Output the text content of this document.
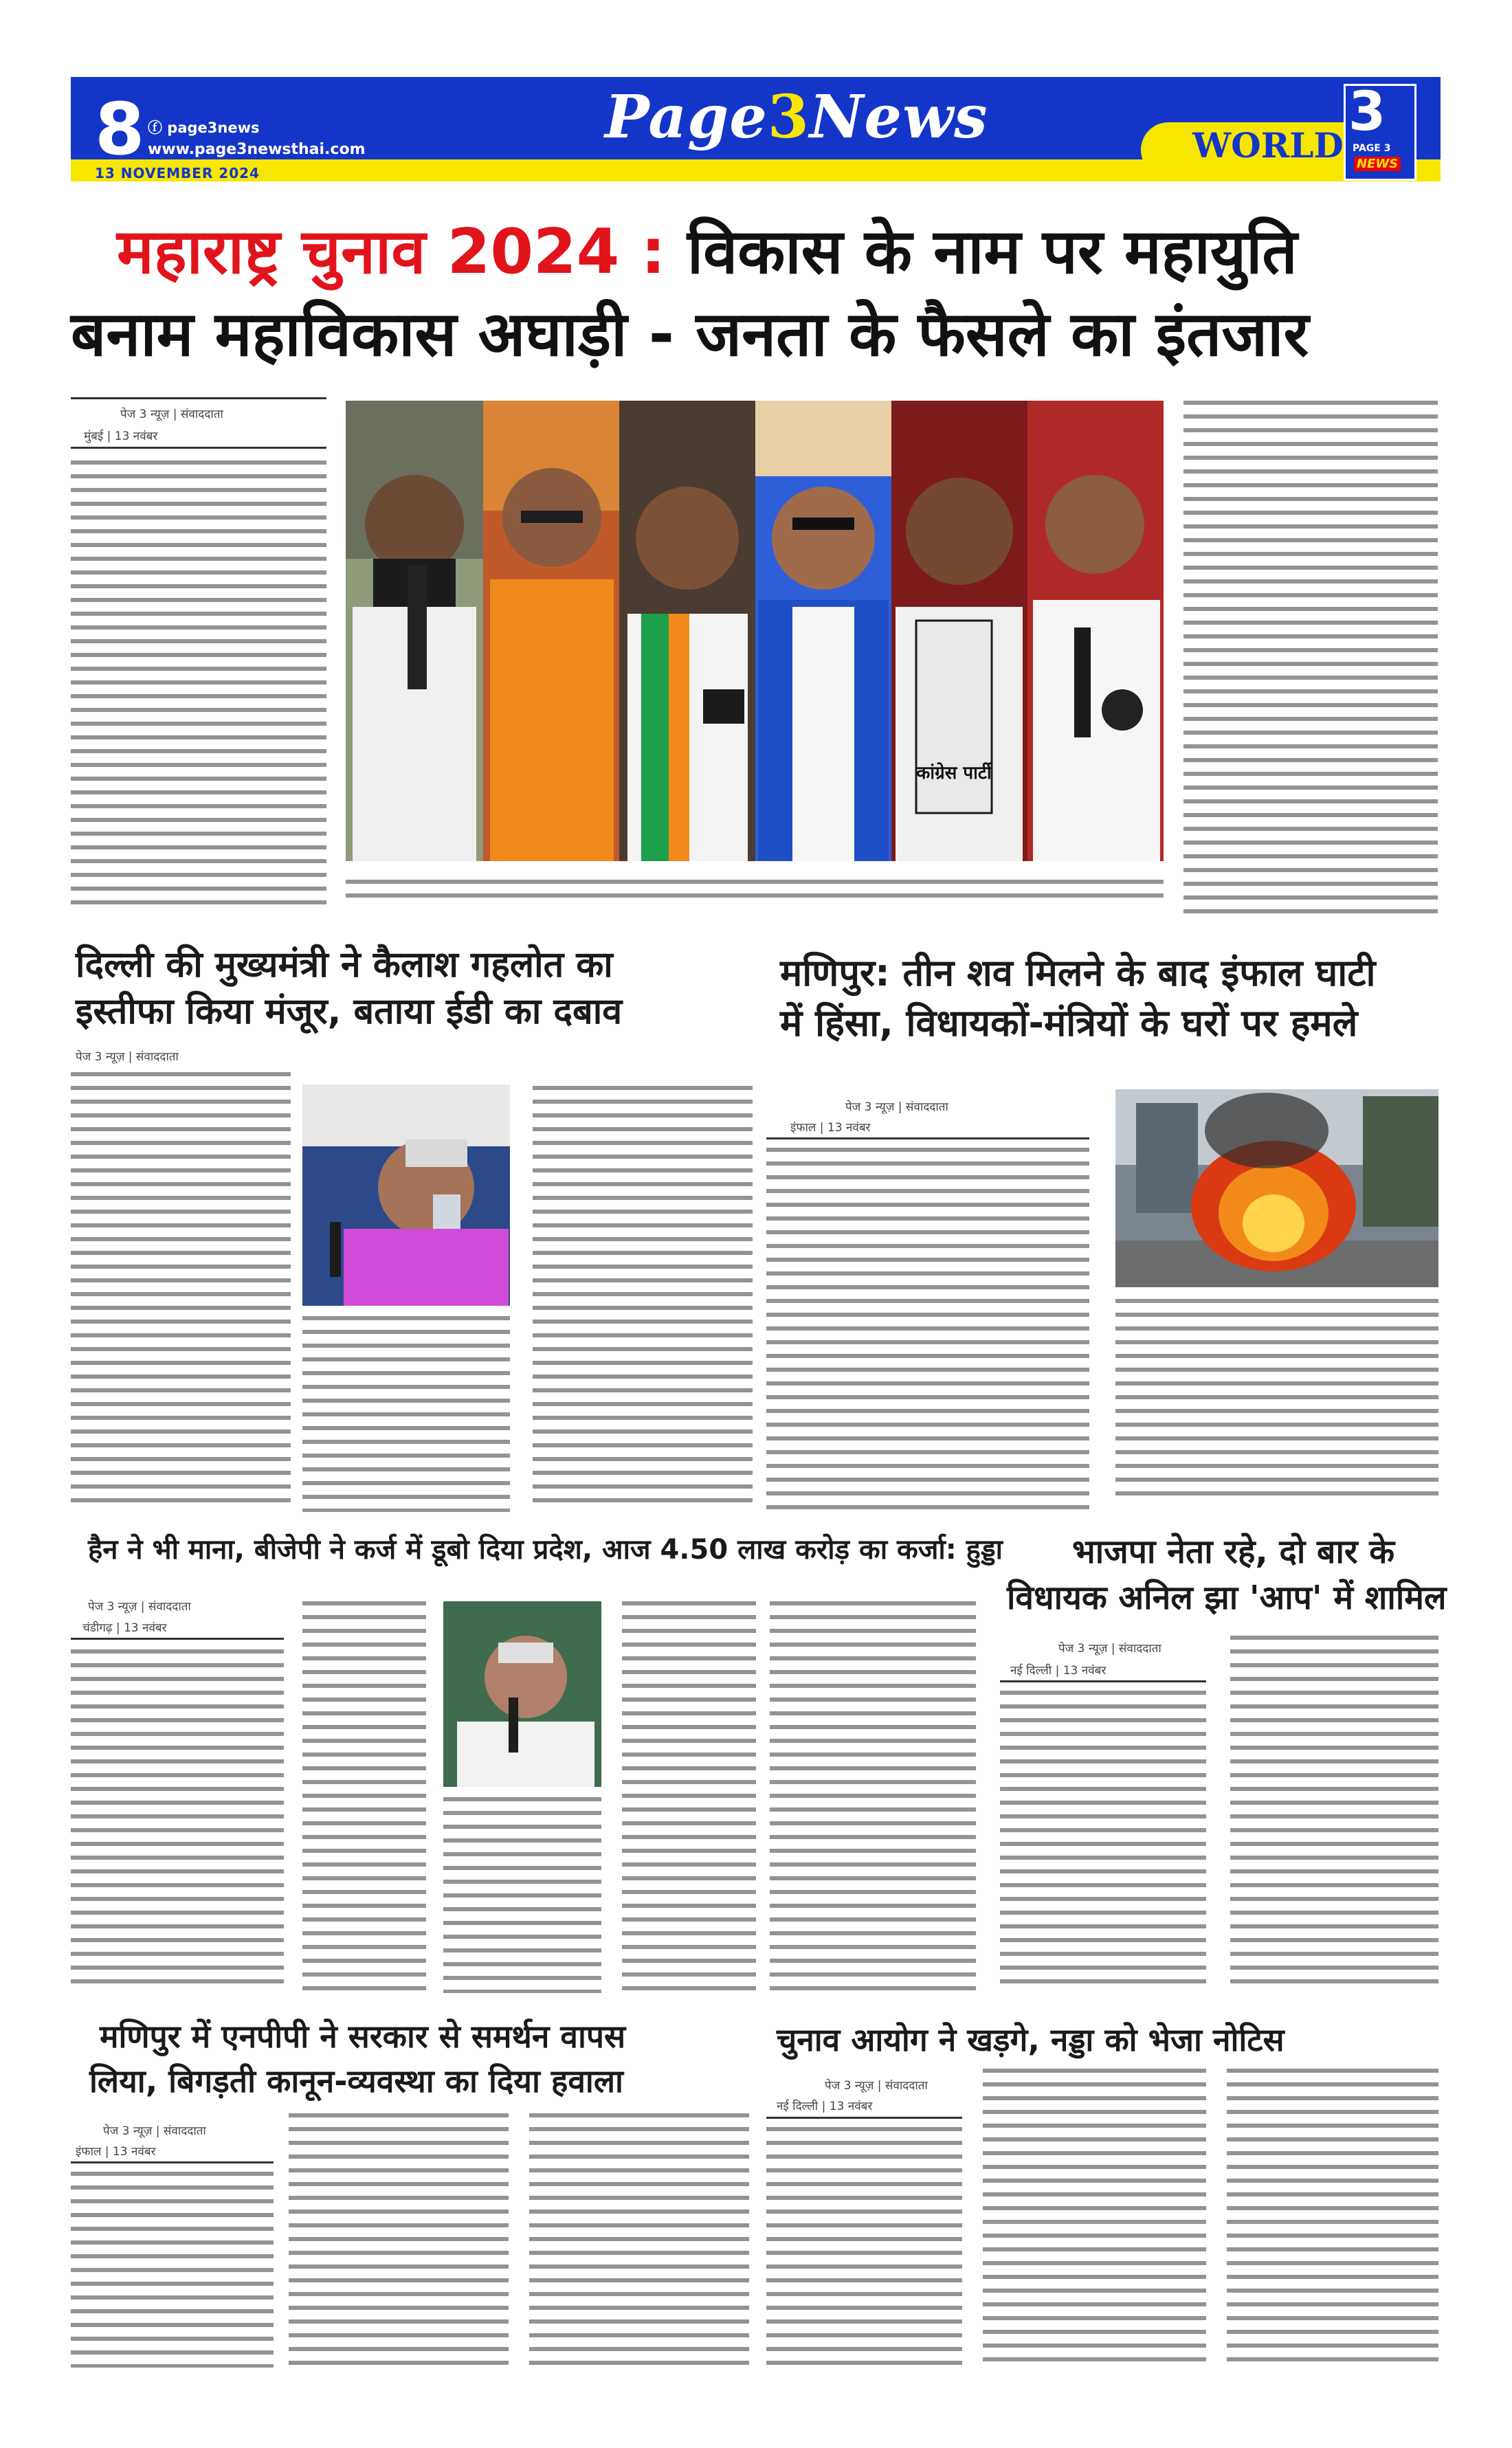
8 ⓕ page3news
www.page3newsthai.com
13 NOVEMBER 2024
Page3News	WORLD
3
PAGE 3
NEWS
महाराष्ट्र चुनाव 2024 : विकास के नाम पर महायुति
बनाम महाविकास अघाड़ी - जनता के फैसले का इंतजार
पेज 3 न्यूज़ | संवाददाता
मुंबई | 13 नवंबर
कांग्रेस पार्टी
दिल्ली की मुख्यमंत्री ने कैलाश गहलोत का
इस्तीफा किया मंजूर, बताया ईडी का दबाव
पेज 3 न्यूज़ | संवाददाता
मणिपुर: तीन शव मिलने के बाद इंफाल घाटी
में हिंसा, विधायकों-मंत्रियों के घरों पर हमले
पेज 3 न्यूज़ | संवाददाता
इंफाल | 13 नवंबर
हैन ने भी माना, बीजेपी ने कर्ज में डूबो दिया प्रदेश, आज 4.50 लाख करोड़ का कर्जा: हुड्डा
पेज 3 न्यूज़ | संवाददाता
चंडीगढ़ | 13 नवंबर
भाजपा नेता रहे, दो बार के
विधायक अनिल झा 'आप' में शामिल
पेज 3 न्यूज़ | संवाददाता
नई दिल्ली | 13 नवंबर
मणिपुर में एनपीपी ने सरकार से समर्थन वापस
लिया, बिगड़ती कानून-व्यवस्था का दिया हवाला
पेज 3 न्यूज़ | संवाददाता
इंफाल | 13 नवंबर
चुनाव आयोग ने खड़गे, नड्डा को भेजा नोटिस
पेज 3 न्यूज़ | संवाददाता
नई दिल्ली | 13 नवंबर
